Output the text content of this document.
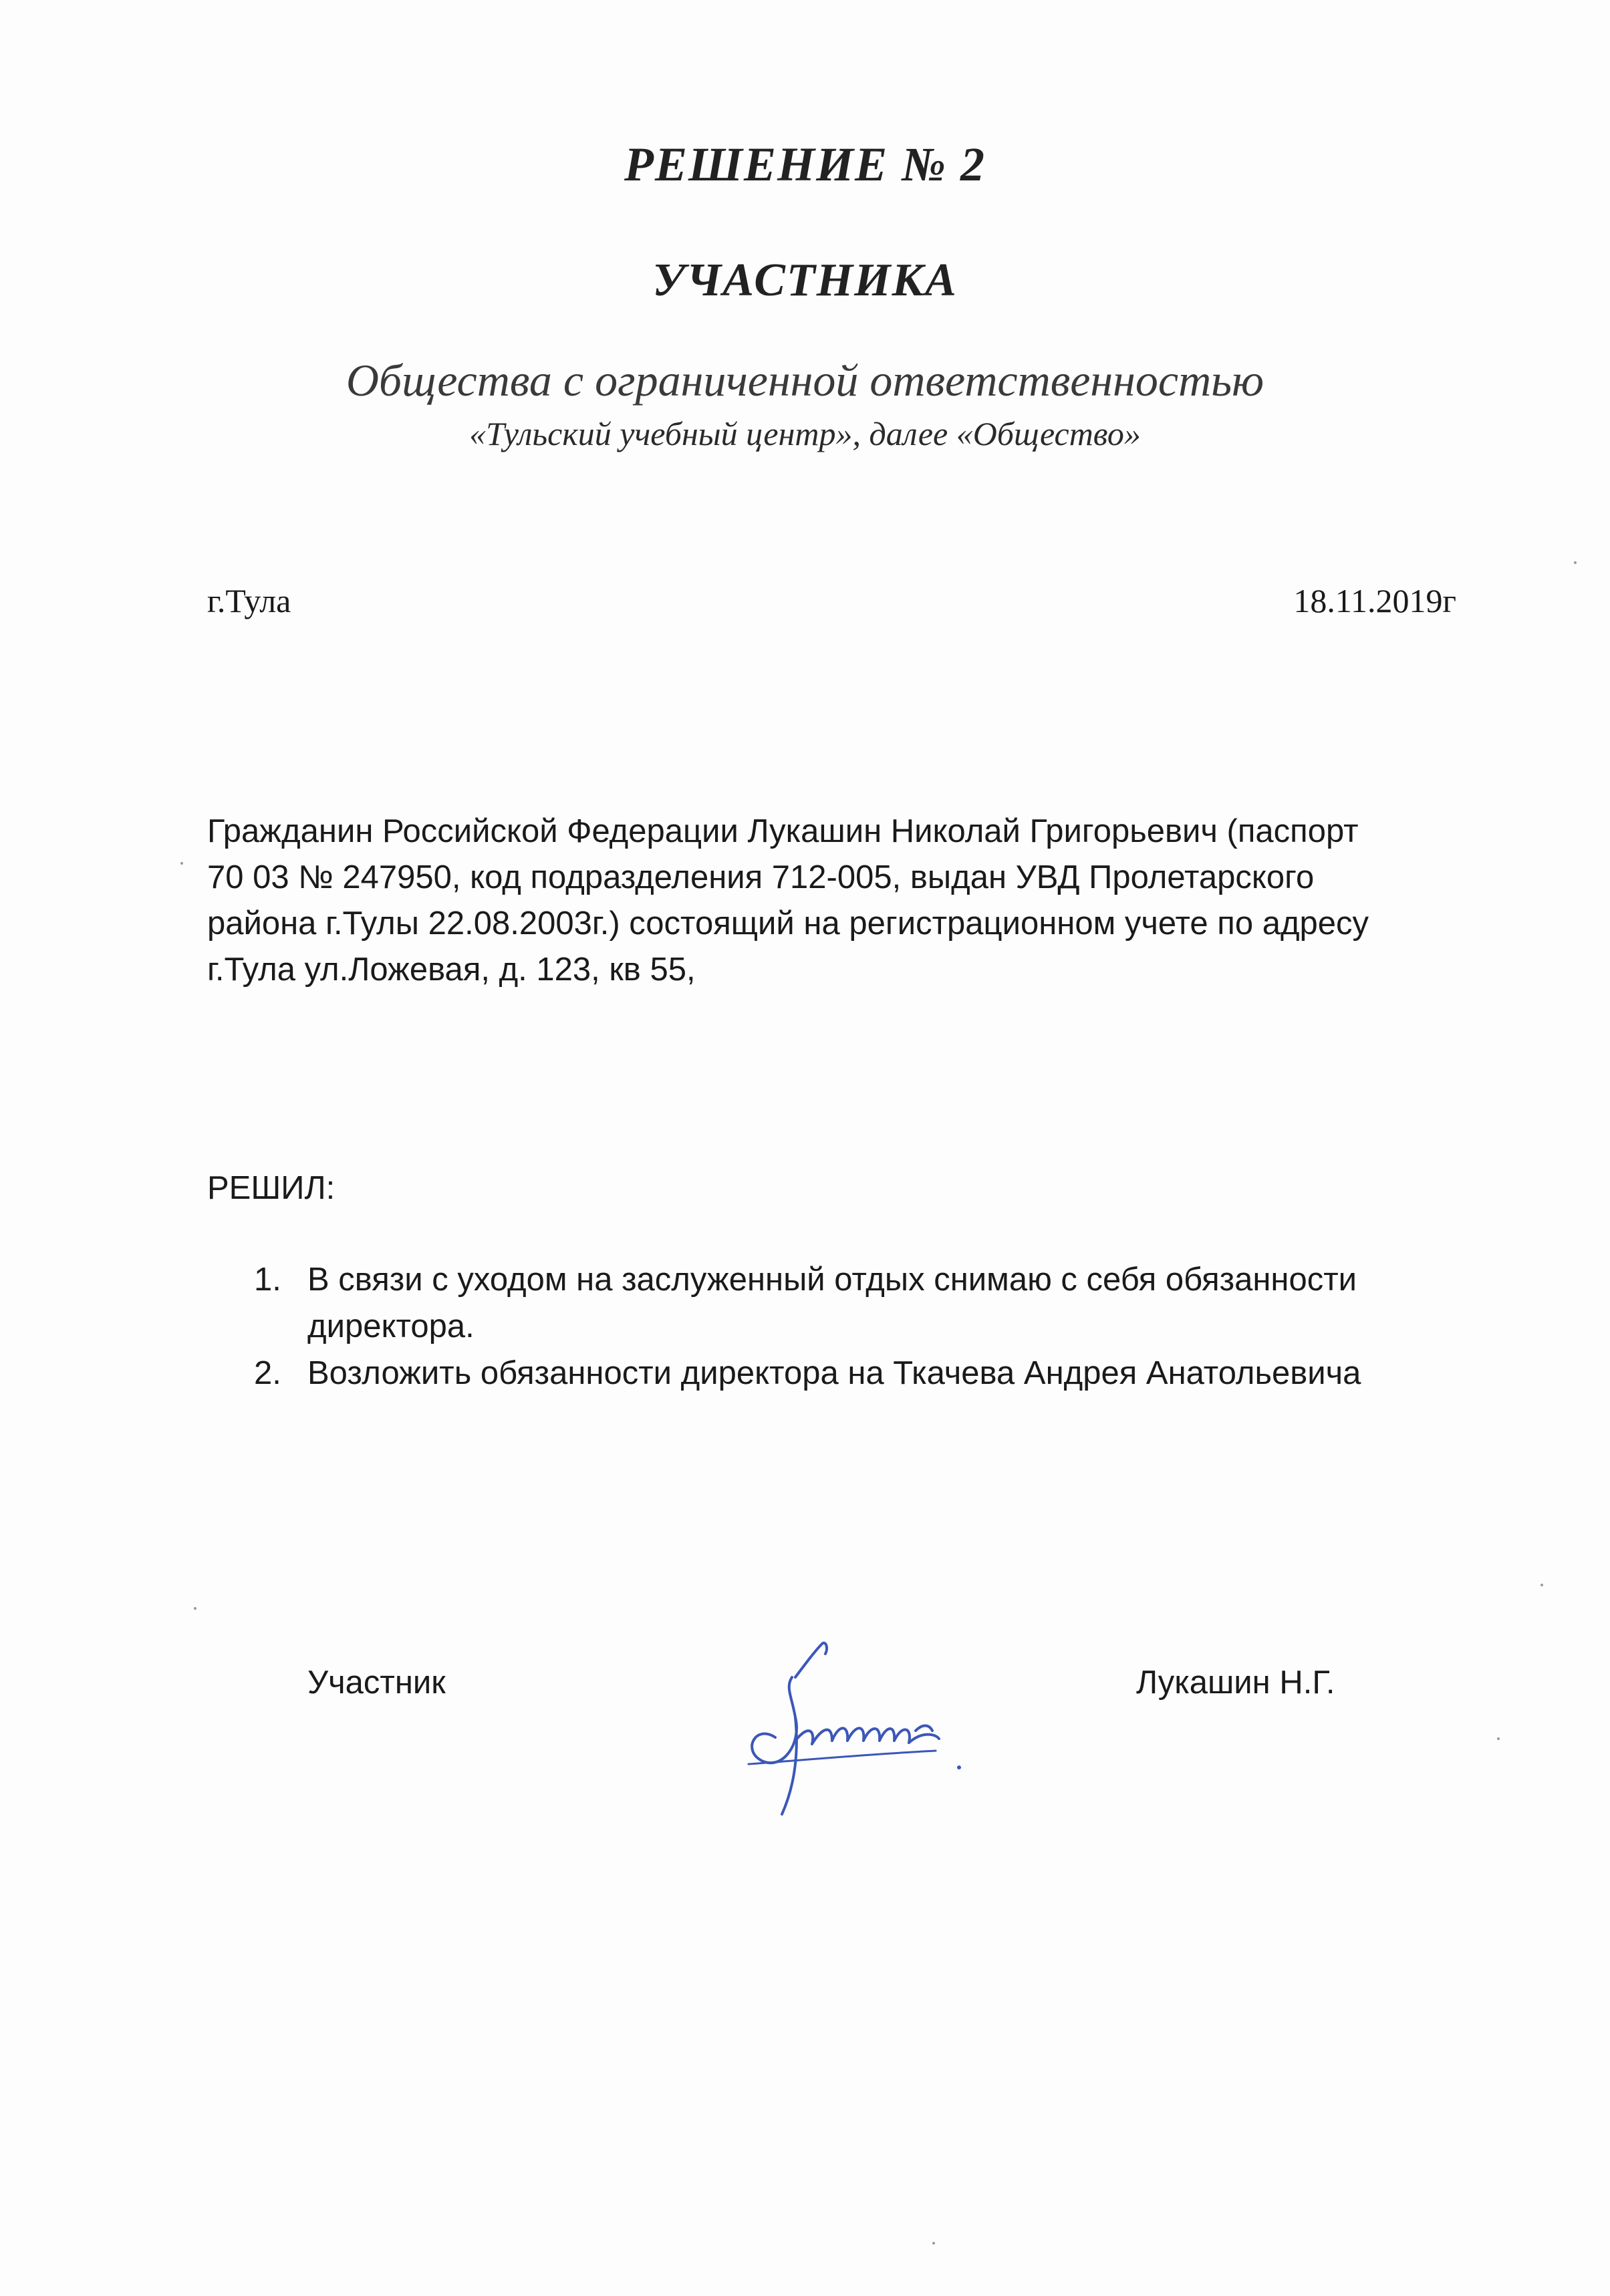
РЕШЕНИЕ № 2
УЧАСТНИКА
Общества с ограниченной ответственностью
«Тульский учебный центр», далее «Общество»
г.Тула	18.11.2019г

Гражданин Российской Федерации Лукашин Николай Григорьевич (паспорт
70 03 № 247950, код подразделения 712-005, выдан УВД Пролетарского
района г.Тулы 22.08.2003г.) состоящий на регистрационном учете по адресу
г.Тула ул.Ложевая, д. 123, кв 55,

РЕШИЛ:
1. В связи с уходом на заслуженный отдых снимаю с себя обязанности директора.
2. Возложить обязанности директора на Ткачева Андрея Анатольевича
Участник	Лукашин Н.Г.
